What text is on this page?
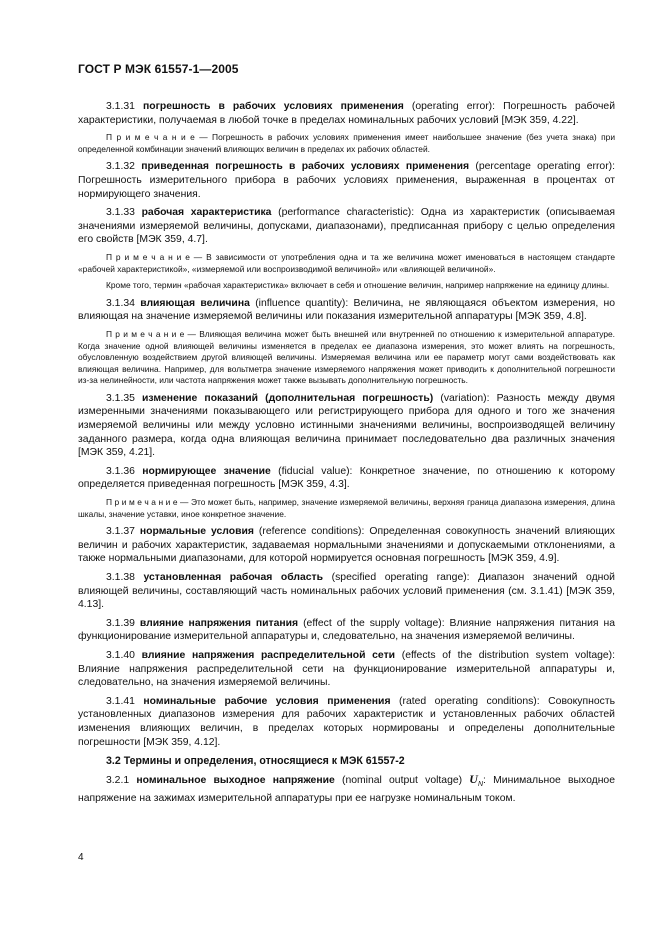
ГОСТ Р МЭК 61557-1—2005

3.1.31 погрешность в рабочих условиях применения (operating error): Погрешность рабочей характеристики, получаемая в любой точке в пределах номинальных рабочих условий [МЭК 359, 4.22].

П р и м е ч а н и е — Погрешность в рабочих условиях применения имеет наибольшее значение (без учета знака) при определенной комбинации значений влияющих величин в пределах их рабочих областей.

3.1.32 приведенная погрешность в рабочих условиях применения (percentage operating error): Погрешность измерительного прибора в рабочих условиях применения, выраженная в процентах от нормирующего значения.

3.1.33 рабочая характеристика (performance characteristic): Одна из характеристик (описываемая значениями измеряемой величины, допусками, диапазонами), предписанная прибору с целью определения его свойств [МЭК 359, 4.7].

П р и м е ч а н и е — В зависимости от употребления одна и та же величина может именоваться в настоящем стандарте «рабочей характеристикой», «измеряемой или воспроизводимой величиной» или «влияющей величиной».

Кроме того, термин «рабочая характеристика» включает в себя и отношение величин, например напряжение на единицу длины.

3.1.34 влияющая величина (influence quantity): Величина, не являющаяся объектом измерения, но влияющая на значение измеряемой величины или показания измерительной аппаратуры [МЭК 359, 4.8].

П р и м е ч а н и е — Влияющая величина может быть внешней или внутренней по отношению к измерительной аппаратуре. Когда значение одной влияющей величины изменяется в пределах ее диапазона измерения, это может влиять на погрешность, обусловленную воздействием другой влияющей величины. Измеряемая величина или ее параметр могут сами воздействовать как влияющая величина. Например, для вольтметра значение измеряемого напряжения может приводить к дополнительной погрешности из-за нелинейности, или частота напряжения может также вызывать дополнительную погрешность.

3.1.35 изменение показаний (дополнительная погрешность) (variation): Разность между двумя измеренными значениями показывающего или регистрирующего прибора для одного и того же значения измеряемой величины или между условно истинными значениями величины, воспроизводящей величину заданного размера, когда одна влияющая величина принимает последовательно два различных значения [МЭК 359, 4.21].

3.1.36 нормирующее значение (fiducial value): Конкретное значение, по отношению к которому определяется приведенная погрешность [МЭК 359, 4.3].

П р и м е ч а н и е — Это может быть, например, значение измеряемой величины, верхняя граница диапазона измерения, длина шкалы, значение уставки, иное конкретное значение.

3.1.37 нормальные условия (reference conditions): Определенная совокупность значений влияющих величин и рабочих характеристик, задаваемая нормальными значениями и допускаемыми отклонениями, а также нормальными диапазонами, для которой нормируется основная погрешность [МЭК 359, 4.9].

3.1.38 установленная рабочая область (specified operating range): Диапазон значений одной влияющей величины, составляющий часть номинальных рабочих условий применения (см. 3.1.41) [МЭК 359, 4.13].

3.1.39 влияние напряжения питания (effect of the supply voltage): Влияние напряжения питания на функционирование измерительной аппаратуры и, следовательно, на значения измеряемой величины.

3.1.40 влияние напряжения распределительной сети (effects of the distribution system voltage): Влияние напряжения распределительной сети на функционирование измерительной аппаратуры и, следовательно, на значения измеряемой величины.

3.1.41 номинальные рабочие условия применения (rated operating conditions): Совокупность установленных диапазонов измерения для рабочих характеристик и установленных рабочих областей изменения влияющих величин, в пределах которых нормированы и определены дополнительные погрешности [МЭК 359, 4.12].

3.2 Термины и определения, относящиеся к МЭК 61557-2

3.2.1 номинальное выходное напряжение (nominal output voltage) $U_N$: Минимальное выходное напряжение на зажимах измерительной аппаратуры при ее нагрузке номинальным током.

4
